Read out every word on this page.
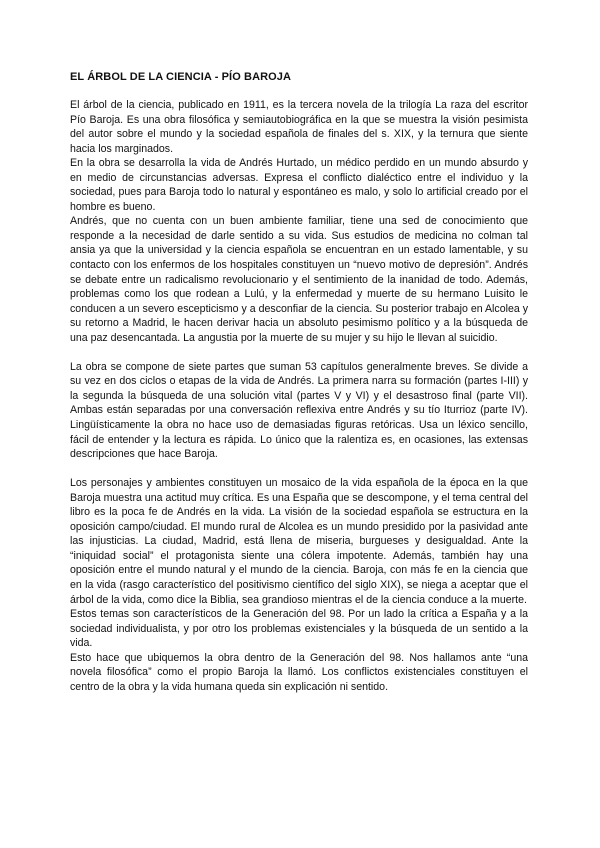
EL ÁRBOL DE LA CIENCIA - PÍO BAROJA

El árbol de la ciencia, publicado en 1911, es la tercera novela de la trilogía La raza del escritor Pío Baroja. Es una obra filosófica y semiautobiográfica en la que se muestra la visión pesimista del autor sobre el mundo y la sociedad española de finales del s. XIX, y la ternura que siente hacia los marginados.

En la obra se desarrolla la vida de Andrés Hurtado, un médico perdido en un mundo absurdo y en medio de circunstancias adversas. Expresa el conflicto dialéctico entre el individuo y la sociedad, pues para Baroja todo lo natural y espontáneo es malo, y solo lo artificial creado por el hombre es bueno.

Andrés, que no cuenta con un buen ambiente familiar, tiene una sed de conocimiento que responde a la necesidad de darle sentido a su vida. Sus estudios de medicina no colman tal ansia ya que la universidad y la ciencia española se encuentran en un estado lamentable, y su contacto con los enfermos de los hospitales constituyen un “nuevo motivo de depresión”. Andrés se debate entre un radicalismo revolucionario y el sentimiento de la inanidad de todo. Además, problemas como los que rodean a Lulú, y la enfermedad y muerte de su hermano Luisito le conducen a un severo escepticismo y a desconfiar de la ciencia. Su posterior trabajo en Alcolea y su retorno a Madrid, le hacen derivar hacia un absoluto pesimismo político y a la búsqueda de una paz desencantada. La angustia por la muerte de su mujer y su hijo le llevan al suicidio.

La obra se compone de siete partes que suman 53 capítulos generalmente breves. Se divide a su vez en dos ciclos o etapas de la vida de Andrés. La primera narra su formación (partes I-III) y la segunda la búsqueda de una solución vital (partes V y VI) y el desastroso final (parte VII). Ambas están separadas por una conversación reflexiva entre Andrés y su tío Iturrioz (parte IV). Lingüísticamente la obra no hace uso de demasiadas figuras retóricas. Usa un léxico sencillo, fácil de entender y la lectura es rápida. Lo único que la ralentiza es, en ocasiones, las extensas descripciones que hace Baroja.

Los personajes y ambientes constituyen un mosaico de la vida española de la época en la que Baroja muestra una actitud muy crítica. Es una España que se descompone, y el tema central del libro es la poca fe de Andrés en la vida. La visión de la sociedad española se estructura en la oposición campo/ciudad. El mundo rural de Alcolea es un mundo presidido por la pasividad ante las injusticias. La ciudad, Madrid, está llena de miseria, burgueses y desigualdad. Ante la “iniquidad social” el protagonista siente una cólera impotente. Además, también hay una oposición entre el mundo natural y el mundo de la ciencia. Baroja, con más fe en la ciencia que en la vida (rasgo característico del positivismo científico del siglo XIX), se niega a aceptar que el árbol de la vida, como dice la Biblia, sea grandioso mientras el de la ciencia conduce a la muerte.

Estos temas son característicos de la Generación del 98. Por un lado la crítica a España y a la sociedad individualista, y por otro los problemas existenciales y la búsqueda de un sentido a la vida.

Esto hace que ubiquemos la obra dentro de la Generación del 98. Nos hallamos ante “una novela filosófica” como el propio Baroja la llamó. Los conflictos existenciales constituyen el centro de la obra y la vida humana queda sin explicación ni sentido.
